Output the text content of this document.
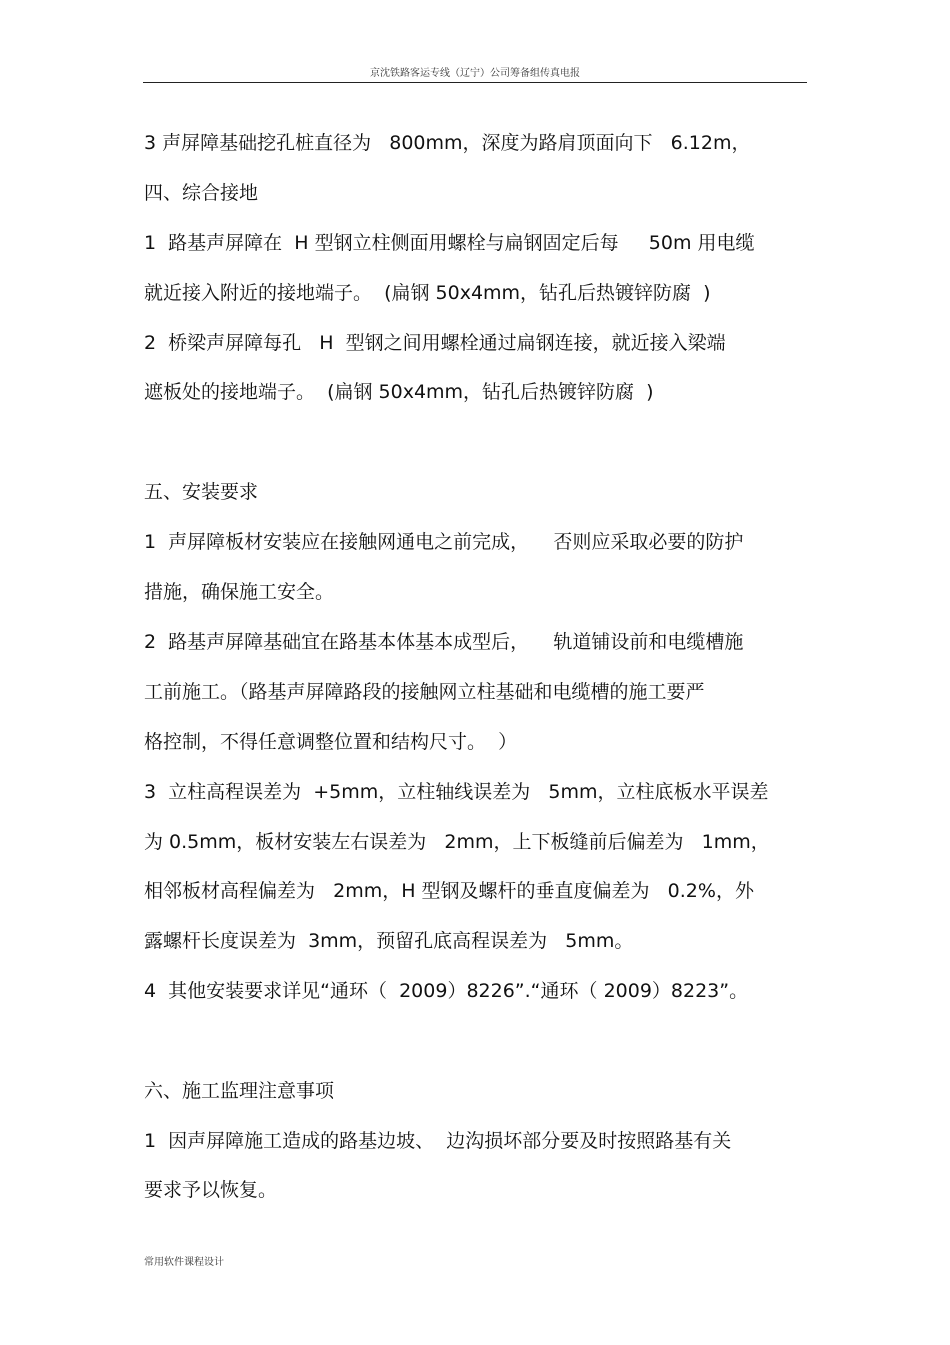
京沈铁路客运专线（辽宁）公司筹备组传真电报
3 声屏障基础挖孔桩直径为   800mm，深度为路肩顶面向下   6.12m，
四、综合接地
1  路基声屏障在  H 型钢立柱侧面用螺栓与扁钢固定后每     50m 用电缆
就近接入附近的接地端子。  (扁钢 50x4mm，钻孔后热镀锌防腐  )
2  桥梁声屏障每孔   H  型钢之间用螺栓通过扁钢连接，就近接入梁端
遮板处的接地端子。  (扁钢 50x4mm，钻孔后热镀锌防腐  )
五、安装要求
1  声屏障板材安装应在接触网通电之前完成，    否则应采取必要的防护
措施，确保施工安全。
2  路基声屏障基础宜在路基本体基本成型后，    轨道铺设前和电缆槽施
工前施工。（路基声屏障路段的接触网立柱基础和电缆槽的施工要严
格控制，不得任意调整位置和结构尺寸。  ）
3  立柱高程误差为  +5mm，立柱轴线误差为   5mm，立柱底板水平误差
为 0.5mm，板材安装左右误差为   2mm，上下板缝前后偏差为   1mm，
相邻板材高程偏差为   2mm，H 型钢及螺杆的垂直度偏差为   0.2%，外
露螺杆长度误差为  3mm，预留孔底高程误差为   5mm。
4  其他安装要求详见“通环（  2009）8226”.“通环（ 2009）8223”。
六、施工监理注意事项
1  因声屏障施工造成的路基边坡、  边沟损坏部分要及时按照路基有关
要求予以恢复。
常用软件课程设计
